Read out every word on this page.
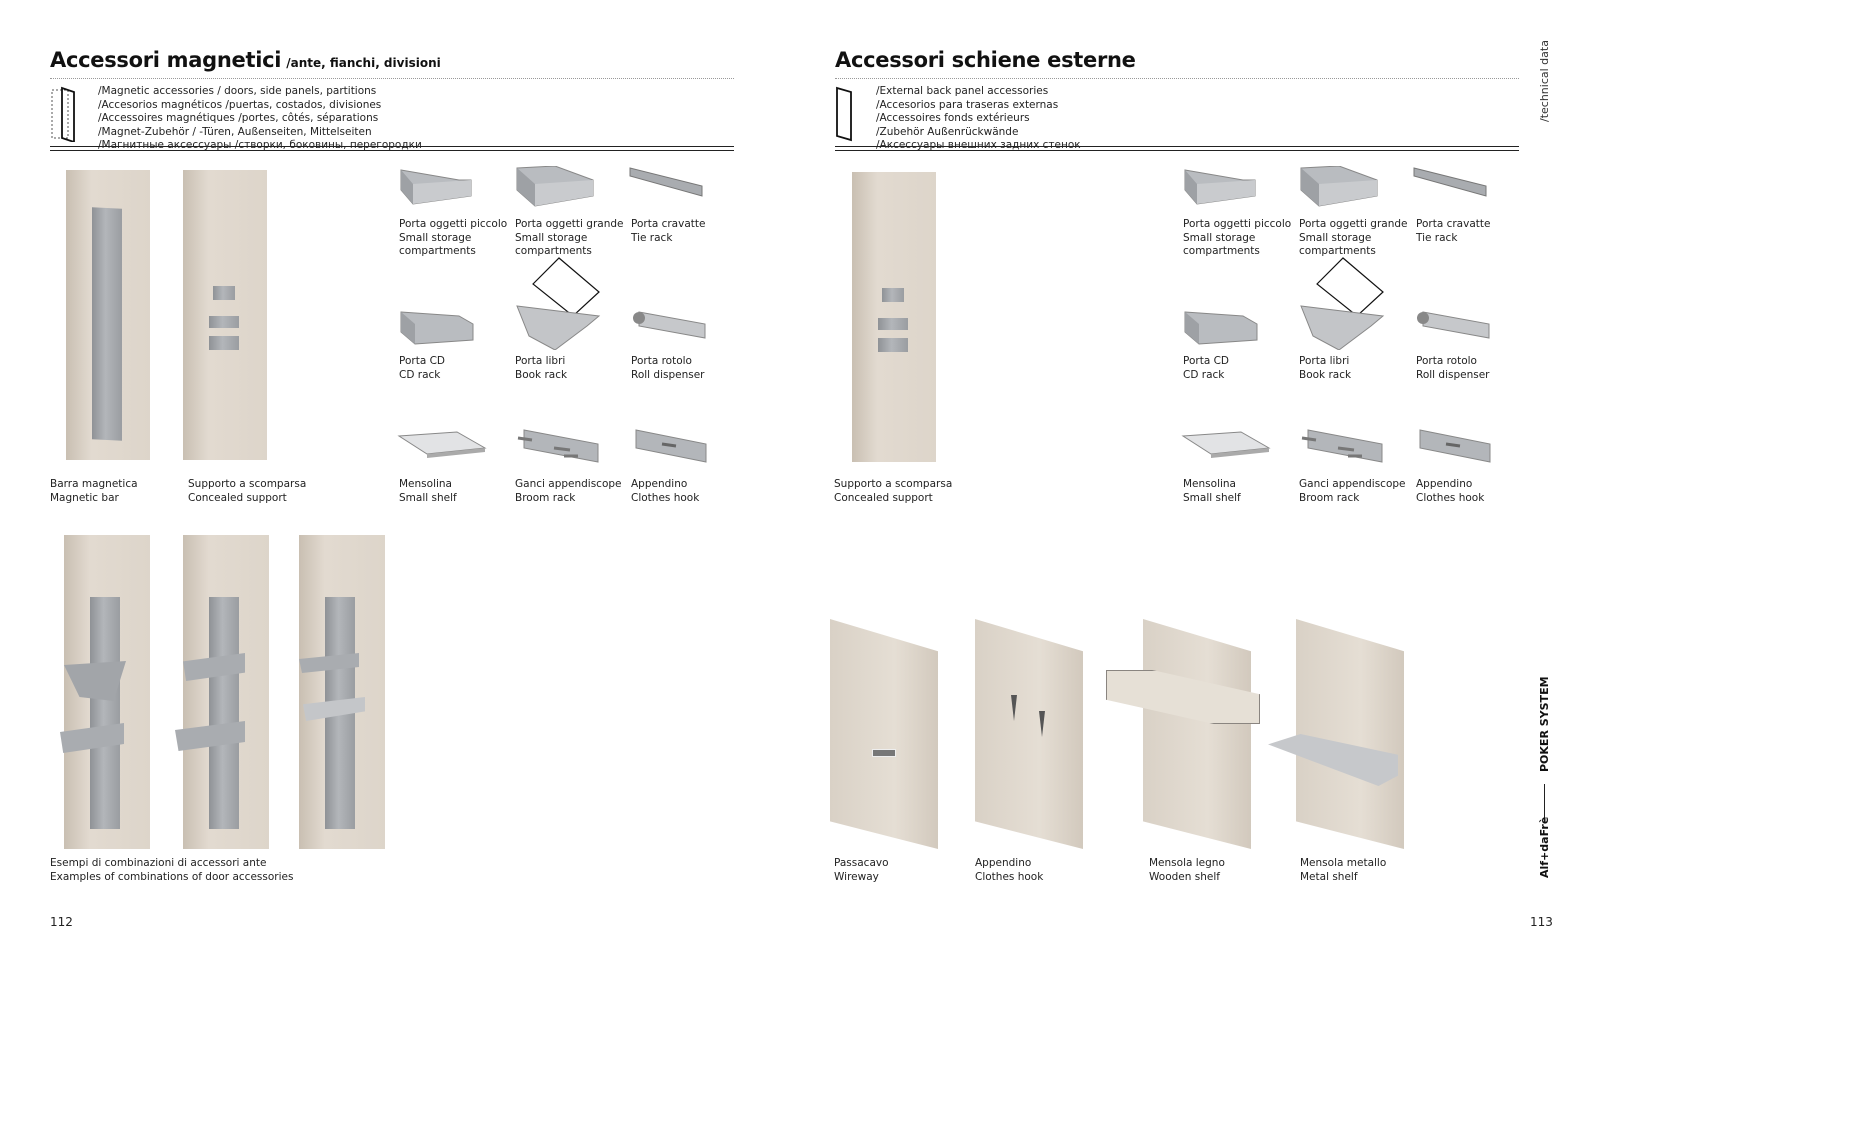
Accessori magnetici /ante, fianchi, divisioni
/Magnetic accessories / doors, side panels, partitions
/Accesorios magnéticos /puertas, costados, divisiones
/Accessoires magnétiques /portes, côtés, séparations
/Magnet-Zubehör / -Türen, Außenseiten, Mittelseiten
/Магнитные аксессуары /створки, боковины, перегородки
Barra magnetica
Magnetic bar
Supporto a scomparsa
Concealed support
Porta oggetti piccolo
Small storage
compartments
Porta oggetti grande
Small storage
compartments
Porta cravatte
Tie rack
Porta CD
CD rack
Porta libri
Book rack
Porta rotolo
Roll dispenser
Mensolina
Small shelf
Ganci appendiscope
Broom rack
Appendino
Clothes hook
Esempi di combinazioni di accessori ante
Examples of combinations of door accessories
112
Accessori schiene esterne
/External back panel accessories
/Accesorios para traseras externas
/Accessoires fonds extérieurs
/Zubehör Außenrückwände
/Аксессуары внешних задних стенок
Supporto a scomparsa
Concealed support
Porta oggetti piccolo
Small storage
compartments
Porta oggetti grande
Small storage
compartments
Porta cravatte
Tie rack
Porta CD
CD rack
Porta libri
Book rack
Porta rotolo
Roll dispenser
Mensolina
Small shelf
Ganci appendiscope
Broom rack
Appendino
Clothes hook
Passacavo
Wireway
Appendino
Clothes hook
Mensola legno
Wooden shelf
Mensola metallo
Metal shelf
113
/technical data
POKER SYSTEM
Alf+daFrè
